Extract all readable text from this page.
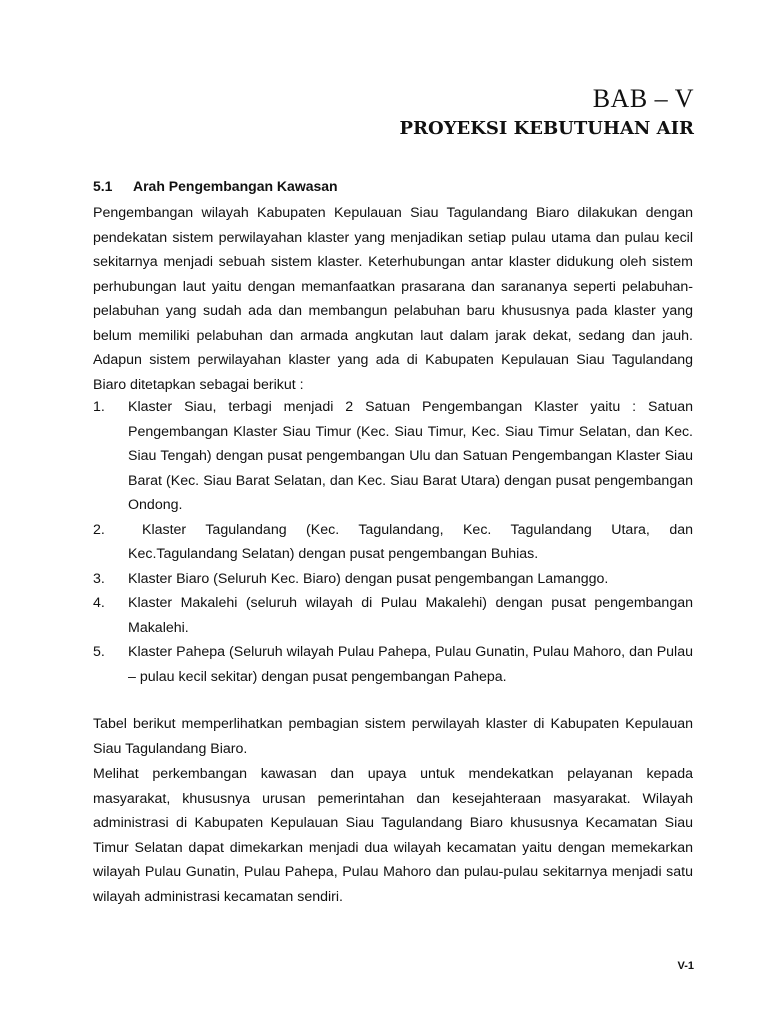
BAB – V
PROYEKSI KEBUTUHAN AIR
5.1 Arah Pengembangan Kawasan
Pengembangan wilayah Kabupaten Kepulauan Siau Tagulandang Biaro dilakukan dengan pendekatan sistem perwilayahan klaster yang menjadikan setiap pulau utama dan pulau kecil sekitarnya menjadi sebuah sistem klaster. Keterhubungan antar klaster didukung oleh sistem perhubungan laut yaitu dengan memanfaatkan prasarana dan sarananya seperti pelabuhan-pelabuhan yang sudah ada dan membangun pelabuhan baru khususnya pada klaster yang belum memiliki pelabuhan dan armada angkutan laut dalam jarak dekat, sedang dan jauh. Adapun sistem perwilayahan klaster yang ada di Kabupaten Kepulauan Siau Tagulandang Biaro ditetapkan sebagai berikut :
1. Klaster Siau, terbagi menjadi 2 Satuan Pengembangan Klaster yaitu : Satuan Pengembangan Klaster Siau Timur (Kec. Siau Timur, Kec. Siau Timur Selatan, dan Kec. Siau Tengah) dengan pusat pengembangan Ulu dan Satuan Pengembangan Klaster Siau Barat (Kec. Siau Barat Selatan, dan Kec. Siau Barat Utara) dengan pusat pengembangan Ondong.
2.	Klaster Tagulandang (Kec. Tagulandang, Kec. Tagulandang Utara, dan Kec.Tagulandang Selatan) dengan pusat pengembangan Buhias.
3. Klaster Biaro (Seluruh Kec. Biaro) dengan pusat pengembangan Lamanggo.
4. Klaster Makalehi (seluruh wilayah di Pulau Makalehi) dengan pusat pengembangan Makalehi.
5. Klaster Pahepa (Seluruh wilayah Pulau Pahepa, Pulau Gunatin, Pulau Mahoro, dan Pulau – pulau kecil sekitar) dengan pusat pengembangan Pahepa.
Tabel berikut memperlihatkan pembagian sistem perwilayah klaster di Kabupaten Kepulauan Siau Tagulandang Biaro.
Melihat perkembangan kawasan dan upaya untuk mendekatkan pelayanan kepada masyarakat, khususnya urusan pemerintahan dan kesejahteraan masyarakat. Wilayah administrasi di Kabupaten Kepulauan Siau Tagulandang Biaro khususnya Kecamatan Siau Timur Selatan dapat dimekarkan menjadi dua wilayah kecamatan yaitu dengan memekarkan wilayah Pulau Gunatin, Pulau Pahepa, Pulau Mahoro dan pulau-pulau sekitarnya menjadi satu wilayah administrasi kecamatan sendiri.
V-1
